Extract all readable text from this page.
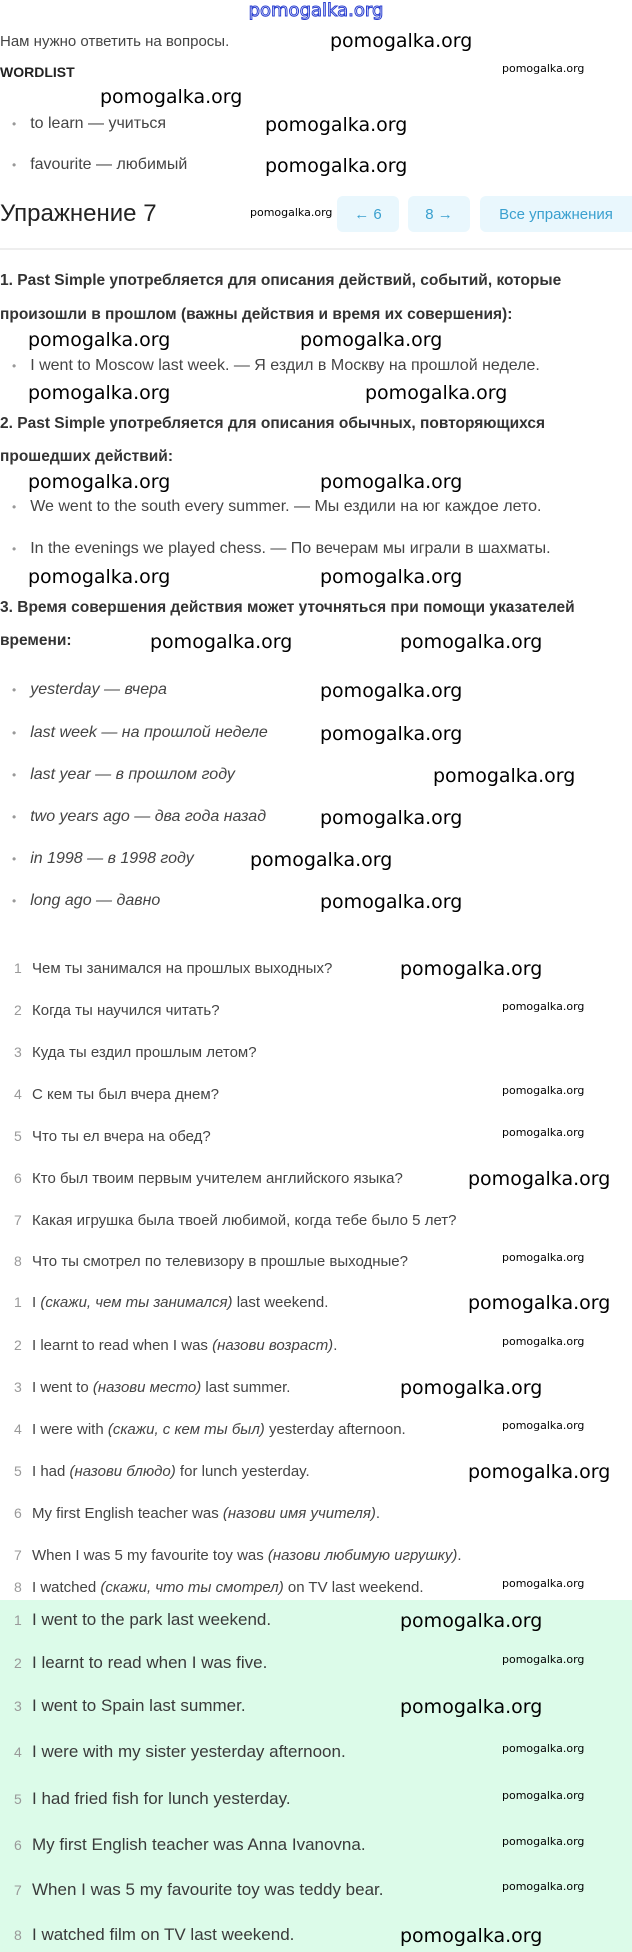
pomogalka.org
Нам нужно ответить на вопросы.
WORDLIST
• to learn — учиться
• favourite — любимый
Упражнение 7	← 6	8 →	Все упражнения
1. Past Simple употребляется для описания действий, событий, которые
произошли в прошлом (важны действия и время их совершения):
• I went to Moscow last week. — Я ездил в Москву на прошлой неделе.
2. Past Simple употребляется для описания обычных, повторяющихся
прошедших действий:
• We went to the south every summer. — Мы ездили на юг каждое лето.
• In the evenings we played chess. — По вечерам мы играли в шахматы.
3. Время совершения действия может уточняться при помощи указателей
времени:
• yesterday — вчера
• last week — на прошлой неделе
• last year — в прошлом году
• two years ago — два года назад
• in 1998 — в 1998 году
• long ago — давно
1 Чем ты занимался на прошлых выходных?
2 Когда ты научился читать?
3 Куда ты ездил прошлым летом?
4 С кем ты был вчера днем?
5 Что ты ел вчера на обед?
6 Кто был твоим первым учителем английского языка?
7 Какая игрушка была твоей любимой, когда тебе было 5 лет?
8 Что ты смотрел по телевизору в прошлые выходные?
1 I (скажи, чем ты занимался) last weekend.
2 I learnt to read when I was (назови возраст).
3 I went to (назови место) last summer.
4 I were with (скажи, с кем ты был) yesterday afternoon.
5 I had (назови блюдо) for lunch yesterday.
6 My first English teacher was (назови имя учителя).
7 When I was 5 my favourite toy was (назови любимую игрушку).
8 I watched (скажи, что ты смотрел) on TV last weekend.
1 I went to the park last weekend.
2 I learnt to read when I was five.
3 I went to Spain last summer.
4 I were with my sister yesterday afternoon.
5 I had fried fish for lunch yesterday.
6 My first English teacher was Anna Ivanovna.
7 When I was 5 my favourite toy was teddy bear.
8 I watched film on TV last weekend.
pomogalka.org
pomogalka.org
pomogalka.org
pomogalka.org
pomogalka.org	pomogalka.org
pomogalka.org	pomogalka.org
pomogalka.org	pomogalka.org
pomogalka.org	pomogalka.org
pomogalka.org	pomogalka.org
pomogalka.org
pomogalka.org
pomogalka.org
pomogalka.org
pomogalka.org
pomogalka.org
pomogalka.org
pomogalka.org
pomogalka.org
pomogalka.org
pomogalka.org
pomogalka.org
pomogalka.org
pomogalka.org
pomogalka.org
pomogalka.org
pomogalka.org
pomogalka.org
pomogalka.org
pomogalka.org
pomogalka.org
pomogalka.org
pomogalka.org
pomogalka.org
pomogalka.org
pomogalka.org
pomogalka.org
pomogalka.org
